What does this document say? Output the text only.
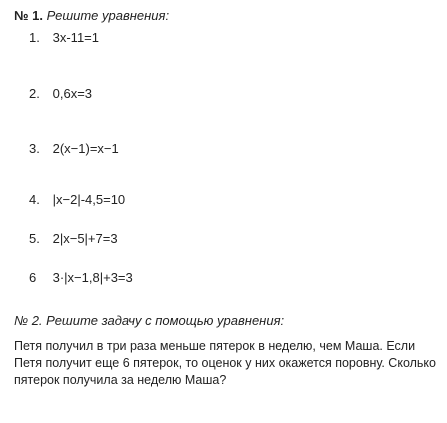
№ 1. Решите уравнения:
1. 3x-11=1
2. 0,6x=3
3. 2(x−1)=x−1
4. |x−2|-4,5=10
5. 2|x−5|+7=3
6 3·|x−1,8|+3=3
№ 2. Решите задачу с помощью уравнения:
Петя получил в три раза меньше пятерок в неделю, чем Маша. Если Петя получит еще 6 пятерок, то оценок у них окажется поровну. Сколько пятерок получила за неделю Маша?
